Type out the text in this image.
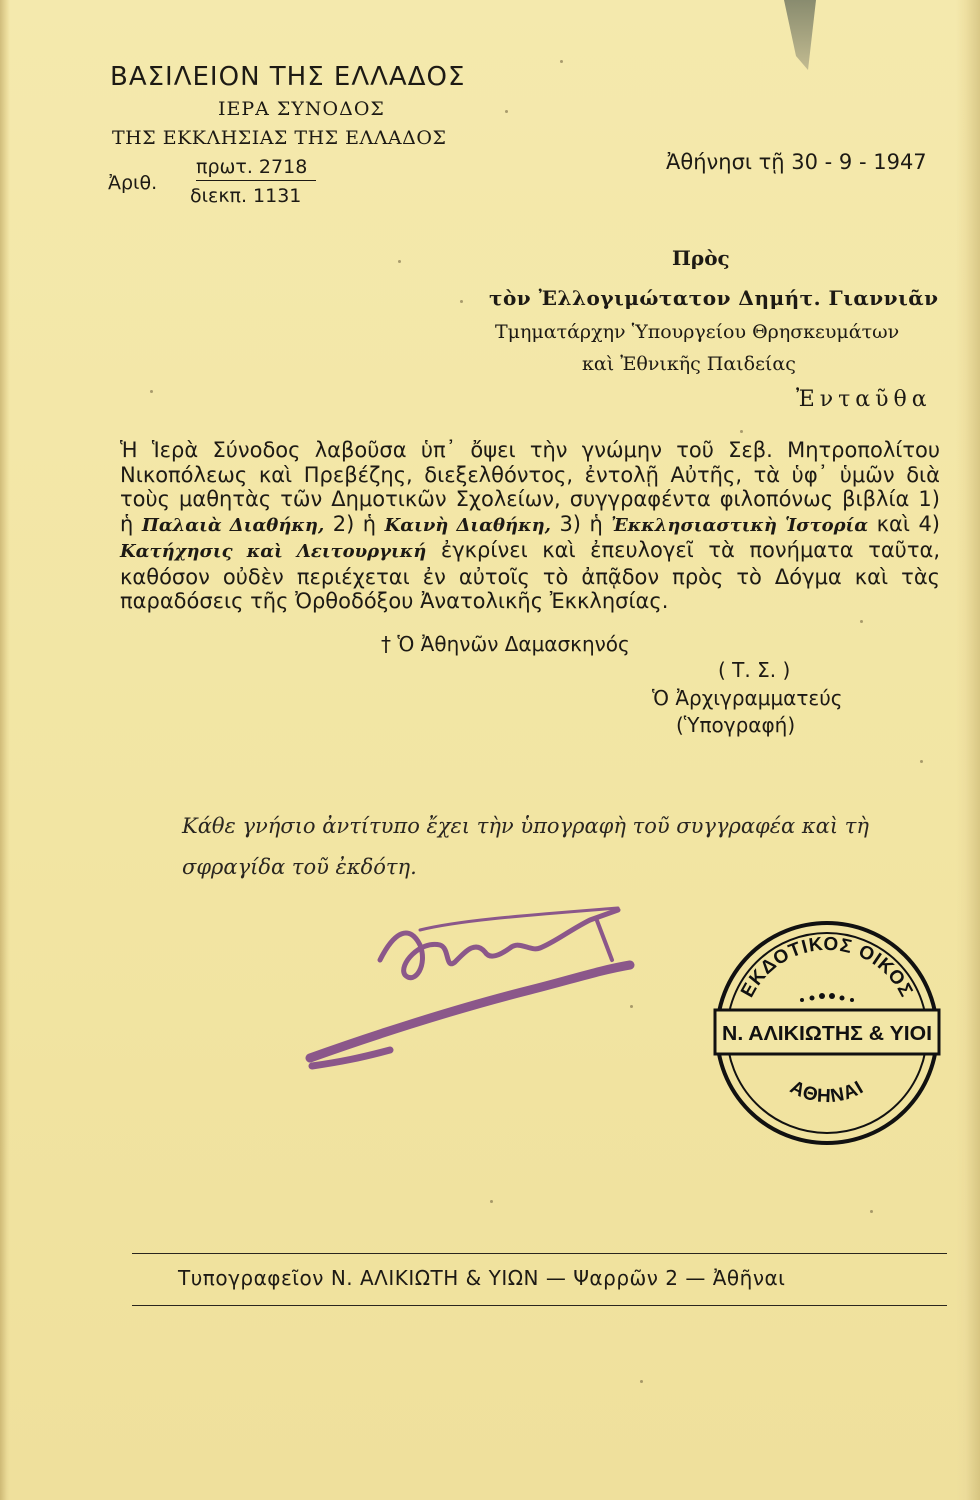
ΒΑΣΙΛΕΙΟΝ ΤΗΣ ΕΛΛΑΔΟΣ
ΙΕΡΑ ΣΥΝΟΔΟΣ
ΤΗΣ ΕΚΚΛΗΣΙΑΣ ΤΗΣ ΕΛΛΑΔΟΣ
Ἀριθ.
πρωτ. 2718
διεκπ. 1131
Ἀθήνησι τῇ 30 - 9 - 1947
Πρὸς
τὸν Ἐλλογιμώτατον Δημήτ. Γιαννιᾶν
Τμηματάρχην Ὑπουργείου Θρησκευμάτων
καὶ Ἐθνικῆς Παιδείας
Ἐνταῦθα
Ἡ Ἱερὰ Σύνοδος λαβοῦσα ὑπ᾿ ὄψει τὴν γνώμην τοῦ Σεβ. Μητροπολίτου Νικοπόλεως καὶ Πρεβέζης, διεξελθόντος, ἐντολῇ Αὐτῆς, τὰ ὑφ᾿ ὑμῶν διὰ τοὺς μαθητὰς τῶν Δημοτικῶν Σχολείων, συγγραφέντα φιλοπόνως βιβλία 1) ἡ Παλαιὰ Διαθήκη, 2) ἡ Καινὴ Διαθήκη, 3) ἡ Ἐκκλησιαστικὴ Ἱστορία καὶ 4) Κατήχησις καὶ Λειτουργική ἐγκρίνει καὶ ἐπευλογεῖ τὰ πονήματα ταῦτα, καθόσον οὐδὲν περιέχεται ἐν αὐτοῖς τὸ ἀπᾷδον πρὸς τὸ Δόγμα καὶ τὰς παραδόσεις τῆς Ὀρθοδόξου Ἀνατολικῆς Ἐκκλησίας.
† Ὁ Ἀθηνῶν Δαμασκηνός
( Τ. Σ. )
Ὁ Ἀρχιγραμματεύς
(Ὑπογραφή)
Κάθε γνήσιο ἀντίτυπο ἔχει τὴν ὑπογραφὴ τοῦ συγγραφέα καὶ τὴ σφραγίδα τοῦ ἐκδότη.
ΕΚΔΟΤΙΚΟΣ ΟΙΚΟΣ
Ν. ΑΛΙΚΙΩΤΗΣ & ΥΙΟΙ
ΑΘΗΝΑΙ
Τυπογραφεῖον Ν. ΑΛΙΚΙΩΤΗ & ΥΙΩΝ — Ψαρρῶν 2 — Ἀθῆναι
